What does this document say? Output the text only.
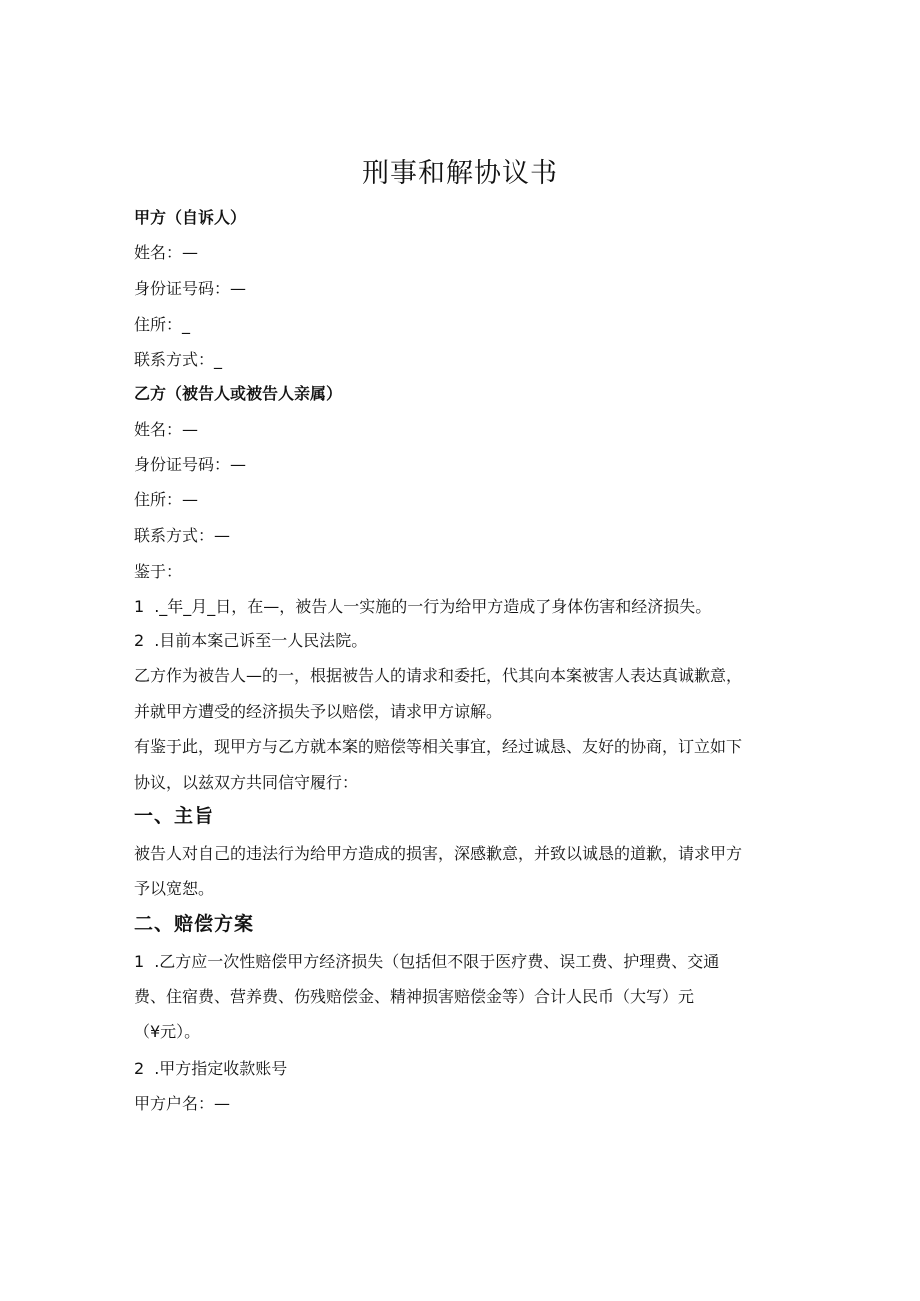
刑事和解协议书
甲方（自诉人）
姓名：—
身份证号码：—
住所：_
联系方式：_
乙方（被告人或被告人亲属）
姓名：—
身份证号码：—
住所：—
联系方式：—
鉴于：
1 ._年_月_日，在—，被告人一实施的一行为给甲方造成了身体伤害和经济损失。
2 .目前本案己诉至一人民法院。
乙方作为被告人—的一，根据被告人的请求和委托，代其向本案被害人表达真诚歉意，
并就甲方遭受的经济损失予以赔偿，请求甲方谅解。
有鉴于此，现甲方与乙方就本案的赔偿等相关事宜，经过诚恳、友好的协商，订立如下
协议，以兹双方共同信守履行：
一、主旨
被告人对自己的违法行为给甲方造成的损害，深感歉意，并致以诚恳的道歉，请求甲方
予以宽恕。
二、赔偿方案
1 .乙方应一次性赔偿甲方经济损失（包括但不限于医疗费、误工费、护理费、交通
费、住宿费、营养费、伤残赔偿金、精神损害赔偿金等）合计人民币（大写）元
（¥元）。
2 .甲方指定收款账号
甲方户名：—
